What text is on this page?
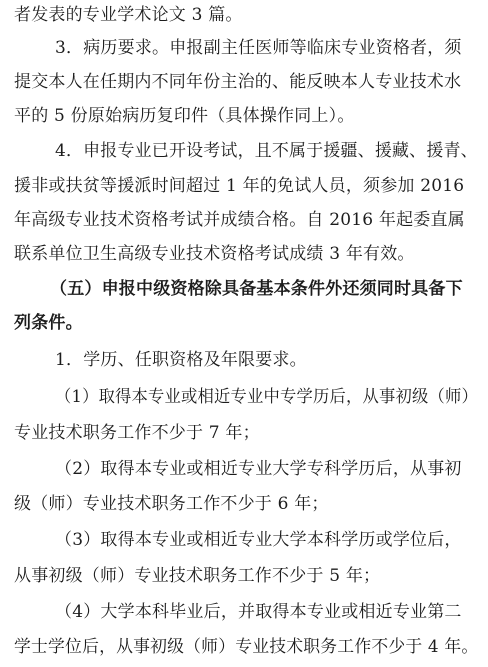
者发表的专业学术论文 3 篇。
3．病历要求。申报副主任医师等临床专业资格者，须
提交本人在任期内不同年份主治的、能反映本人专业技术水
平的 5 份原始病历复印件（具体操作同上）。
4．申报专业已开设考试，且不属于援疆、援藏、援青、
援非或扶贫等援派时间超过 1 年的免试人员，须参加 2016
年高级专业技术资格考试并成绩合格。自 2016 年起委直属
联系单位卫生高级专业技术资格考试成绩 3 年有效。
（五）申报中级资格除具备基本条件外还须同时具备下
列条件。
1．学历、任职资格及年限要求。
（1）取得本专业或相近专业中专学历后，从事初级（师）
专业技术职务工作不少于 7 年；
（2）取得本专业或相近专业大学专科学历后，从事初
级（师）专业技术职务工作不少于 6 年；
（3）取得本专业或相近专业大学本科学历或学位后，
从事初级（师）专业技术职务工作不少于 5 年；
（4）大学本科毕业后，并取得本专业或相近专业第二
学士学位后，从事初级（师）专业技术职务工作不少于 4 年。
